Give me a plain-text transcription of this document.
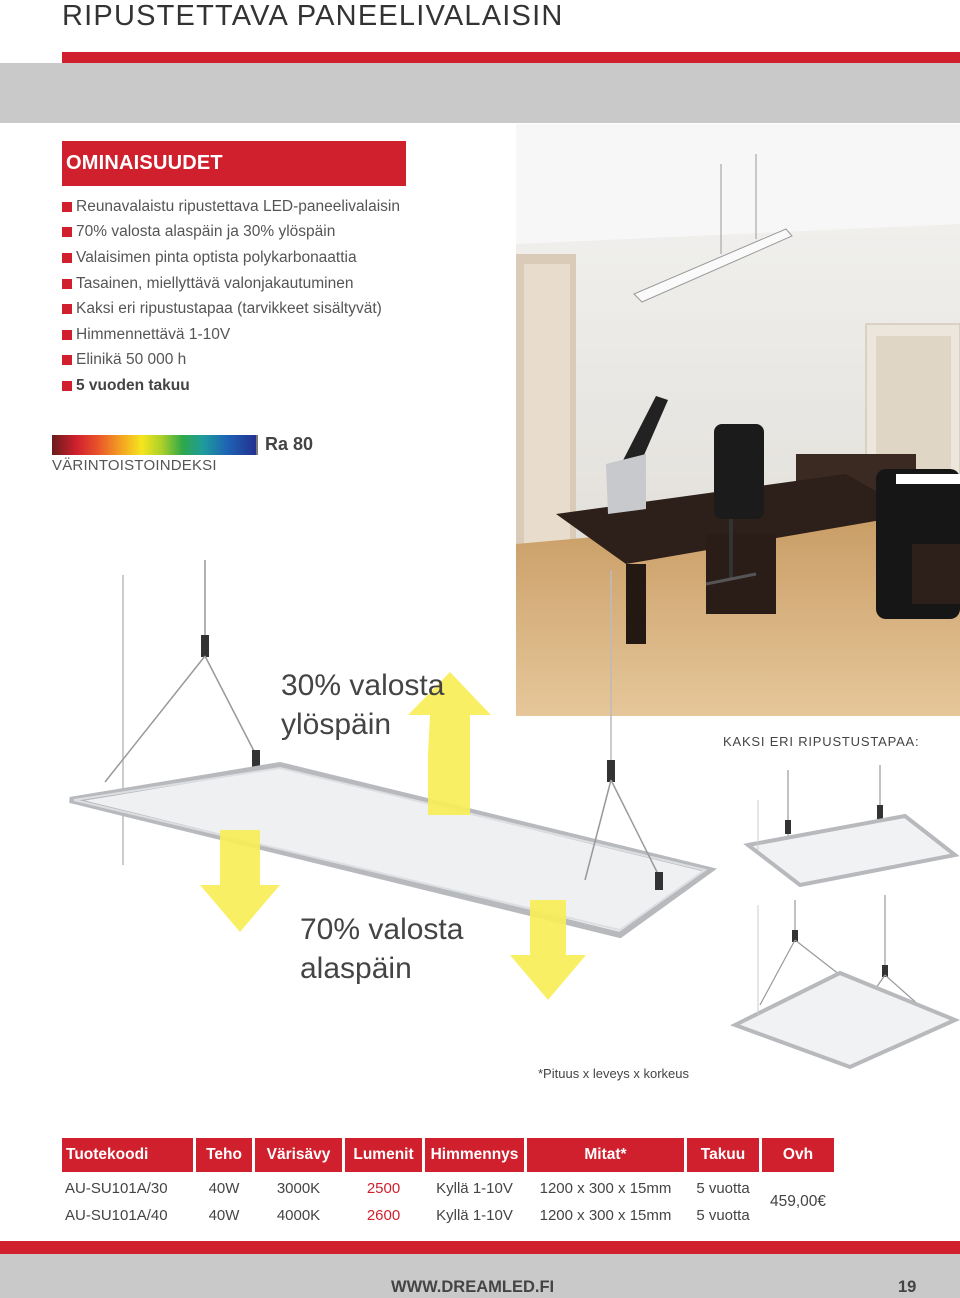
RIPUSTETTAVA PANEELIVALAISIN
OMINAISUUDET
Reunavalaistu ripustettava LED-paneelivalaisin
70% valosta alaspäin ja 30% ylöspäin
Valaisimen pinta optista polykarbonaattia
Tasainen, miellyttävä valonjakautuminen
Kaksi eri ripustustapaa (tarvikkeet sisältyvät)
Himmennettävä 1-10V
Elinikä 50 000 h
5 vuoden takuu
Ra 80
VÄRINTOISTOINDEKSI
30% valosta
ylöspäin
70% valosta
alaspäin
KAKSI ERI RIPUSTUSTAPAA:
*Pituus x leveys x korkeus
Tuotekoodi	Teho	Värisävy	Lumenit	Himmennys	Mitat*	Takuu	Ovh
AU-SU101A/30	40W	3000K	2500	Kyllä 1-10V	1200 x 300 x 15mm	5 vuotta
AU-SU101A/40	40W	4000K	2600	Kyllä 1-10V	1200 x 300 x 15mm	5 vuotta
459,00€
WWW.DREAMLED.FI	19
